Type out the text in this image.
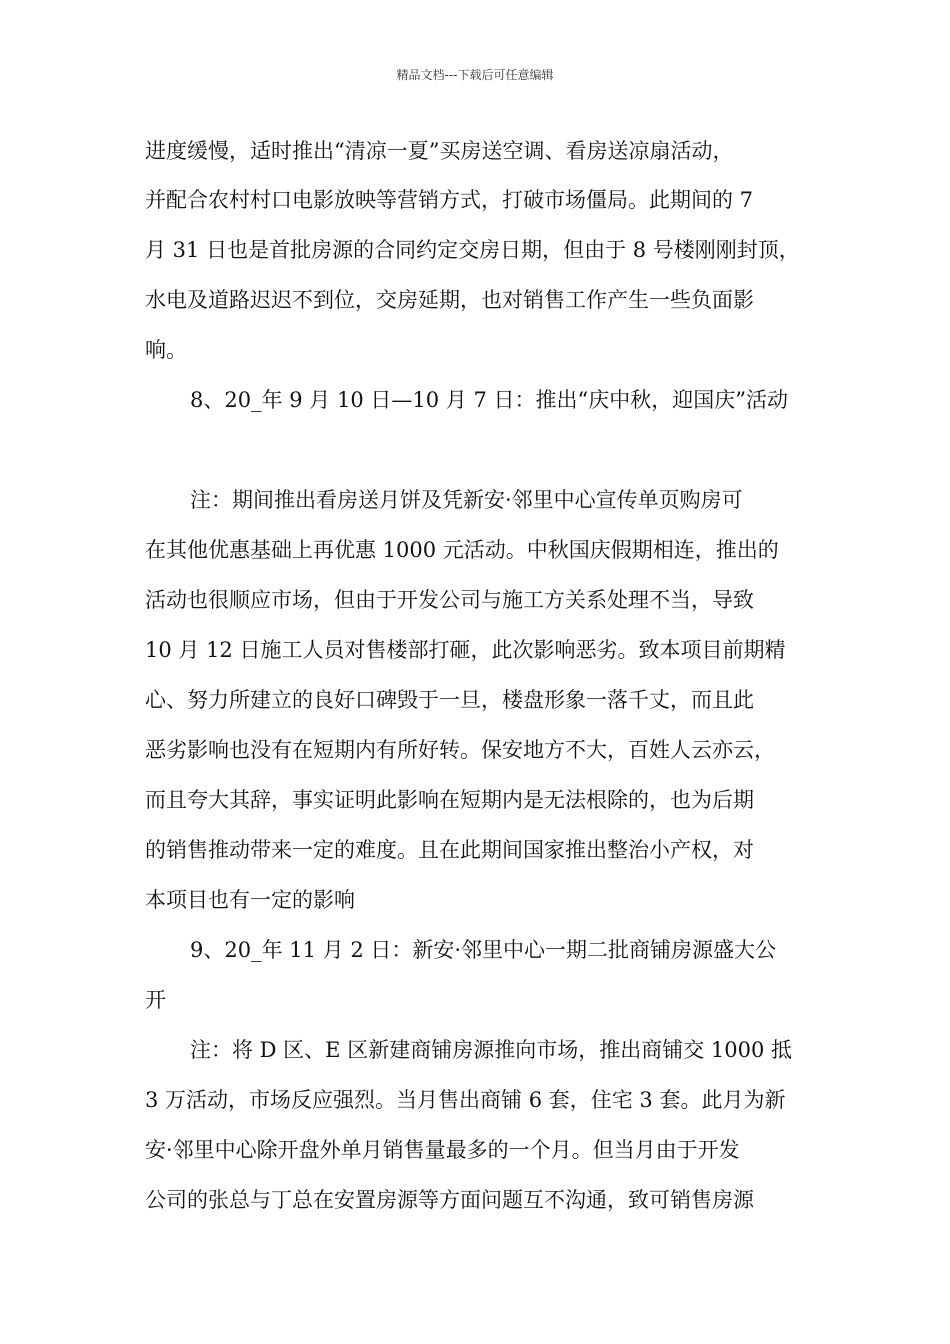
精品文档---下载后可任意编辑
进度缓慢，适时推出“清凉一夏”买房送空调、看房送凉扇活动，
并配合农村村口电影放映等营销方式，打破市场僵局。此期间的 7
月 31 日也是首批房源的合同约定交房日期，但由于 8 号楼刚刚封顶，
水电及道路迟迟不到位，交房延期，也对销售工作产生一些负面影
响。
8、20_年 9 月 10 日—10 月 7 日：推出“庆中秋，迎国庆”活动
注：期间推出看房送月饼及凭新安·邻里中心宣传单页购房可
在其他优惠基础上再优惠 1000 元活动。中秋国庆假期相连，推出的
活动也很顺应市场，但由于开发公司与施工方关系处理不当，导致
10 月 12 日施工人员对售楼部打砸，此次影响恶劣。致本项目前期精
心、努力所建立的良好口碑毁于一旦，楼盘形象一落千丈，而且此
恶劣影响也没有在短期内有所好转。保安地方不大，百姓人云亦云，
而且夸大其辞，事实证明此影响在短期内是无法根除的，也为后期
的销售推动带来一定的难度。且在此期间国家推出整治小产权，对
本项目也有一定的影响
9、20_年 11 月 2 日：新安·邻里中心一期二批商铺房源盛大公
开
注：将 D 区、E 区新建商铺房源推向市场，推出商铺交 1000 抵
3 万活动，市场反应强烈。当月售出商铺 6 套，住宅 3 套。此月为新
安·邻里中心除开盘外单月销售量最多的一个月。但当月由于开发
公司的张总与丁总在安置房源等方面问题互不沟通，致可销售房源
